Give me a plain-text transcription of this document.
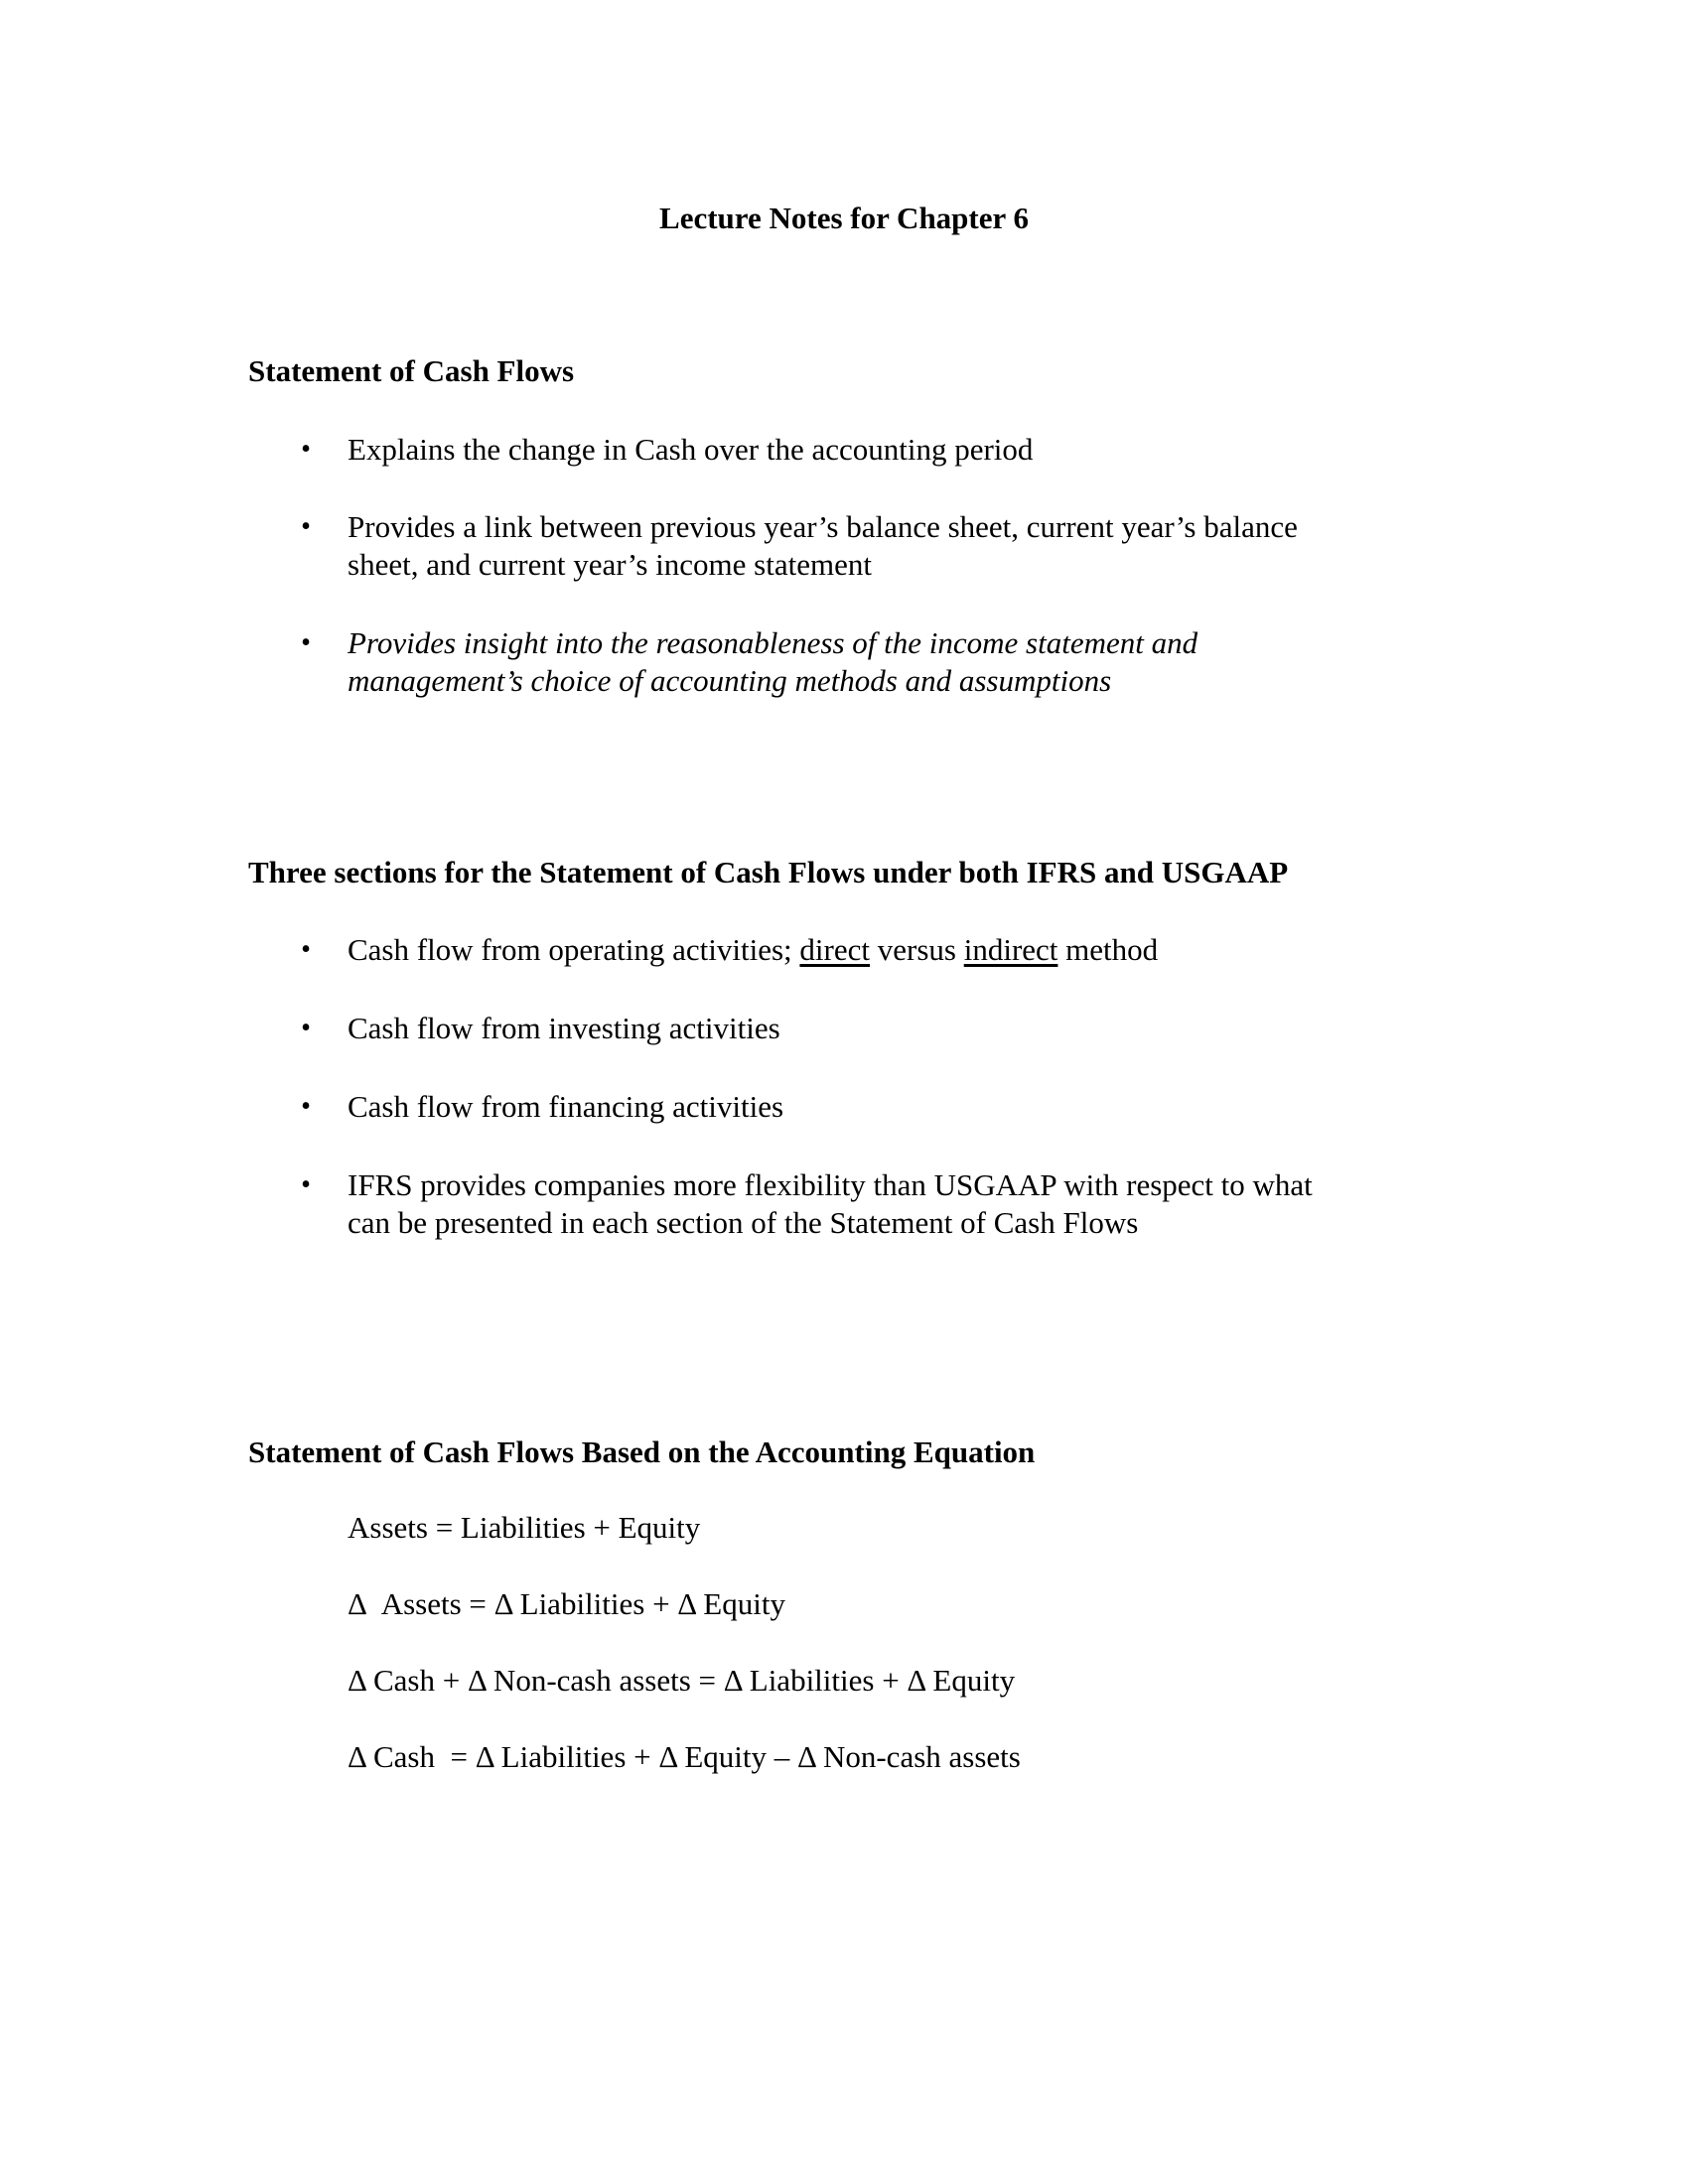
Lecture Notes for Chapter 6
Statement of Cash Flows
• Explains the change in Cash over the accounting period
• Provides a link between previous year’s balance sheet, current year’s balance
sheet, and current year’s income statement
• Provides insight into the reasonableness of the income statement and
management’s choice of accounting methods and assumptions
Three sections for the Statement of Cash Flows under both IFRS and USGAAP
• Cash flow from operating activities; direct versus indirect method
• Cash flow from investing activities
• Cash flow from financing activities
• IFRS provides companies more flexibility than USGAAP with respect to what
can be presented in each section of the Statement of Cash Flows
Statement of Cash Flows Based on the Accounting Equation
Assets = Liabilities + Equity
Δ  Assets = Δ Liabilities + Δ Equity
Δ Cash + Δ Non-cash assets = Δ Liabilities + Δ Equity
Δ Cash  = Δ Liabilities + Δ Equity – Δ Non-cash assets
